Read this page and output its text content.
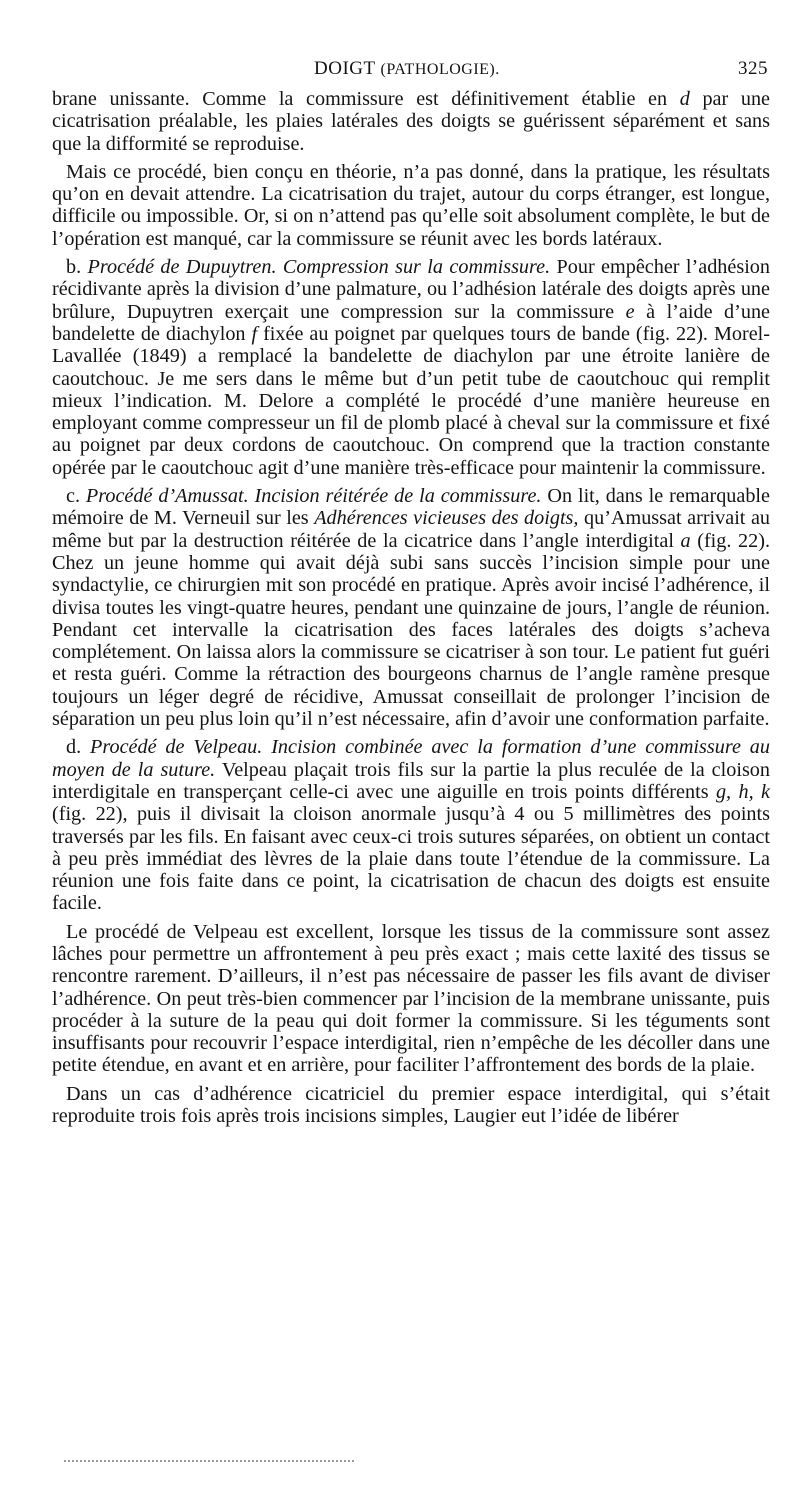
DOIGT (PATHOLOGIE).	325

brane unissante. Comme la commissure est définitivement établie en d par une cicatrisation préalable, les plaies latérales des doigts se guérissent séparément et sans que la difformité se reproduise.

Mais ce procédé, bien conçu en théorie, n’a pas donné, dans la pratique, les résultats qu’on en devait attendre. La cicatrisation du trajet, autour du corps étranger, est longue, difficile ou impossible. Or, si on n’attend pas qu’elle soit absolument complète, le but de l’opération est manqué, car la commissure se réunit avec les bords latéraux.

b. Procédé de Dupuytren. Compression sur la commissure. Pour empêcher l’adhésion récidivante après la division d’une palmature, ou l’adhésion latérale des doigts après une brûlure, Dupuytren exerçait une compression sur la commissure e à l’aide d’une bandelette de diachylon f fixée au poignet par quelques tours de bande (fig. 22). Morel-Lavallée (1849) a remplacé la bandelette de diachylon par une étroite lanière de caoutchouc. Je me sers dans le même but d’un petit tube de caoutchouc qui remplit mieux l’indication. M. Delore a complété le procédé d’une manière heureuse en employant comme compresseur un fil de plomb placé à cheval sur la commissure et fixé au poignet par deux cordons de caoutchouc. On comprend que la traction constante opérée par le caoutchouc agit d’une manière très-efficace pour maintenir la commissure.

c. Procédé d’Amussat. Incision réitérée de la commissure. On lit, dans le remarquable mémoire de M. Verneuil sur les Adhérences vicieuses des doigts, qu’Amussat arrivait au même but par la destruction réitérée de la cicatrice dans l’angle interdigital a (fig. 22). Chez un jeune homme qui avait déjà subi sans succès l’incision simple pour une syndactylie, ce chirurgien mit son procédé en pratique. Après avoir incisé l’adhérence, il divisa toutes les vingt-quatre heures, pendant une quinzaine de jours, l’angle de réunion. Pendant cet intervalle la cicatrisation des faces latérales des doigts s’acheva complétement. On laissa alors la commissure se cicatriser à son tour. Le patient fut guéri et resta guéri. Comme la rétraction des bourgeons charnus de l’angle ramène presque toujours un léger degré de récidive, Amussat conseillait de prolonger l’incision de séparation un peu plus loin qu’il n’est nécessaire, afin d’avoir une conformation parfaite.

d. Procédé de Velpeau. Incision combinée avec la formation d’une commissure au moyen de la suture. Velpeau plaçait trois fils sur la partie la plus reculée de la cloison interdigitale en transperçant celle-ci avec une aiguille en trois points différents g, h, k (fig. 22), puis il divisait la cloison anormale jusqu’à 4 ou 5 millimètres des points traversés par les fils. En faisant avec ceux-ci trois sutures séparées, on obtient un contact à peu près immédiat des lèvres de la plaie dans toute l’étendue de la commissure. La réunion une fois faite dans ce point, la cicatrisation de chacun des doigts est ensuite facile.

Le procédé de Velpeau est excellent, lorsque les tissus de la commissure sont assez lâches pour permettre un affrontement à peu près exact ; mais cette laxité des tissus se rencontre rarement. D’ailleurs, il n’est pas nécessaire de passer les fils avant de diviser l’adhérence. On peut très-bien commencer par l’incision de la membrane unissante, puis procéder à la suture de la peau qui doit former la commissure. Si les téguments sont insuffisants pour recouvrir l’espace interdigital, rien n’empêche de les décoller dans une petite étendue, en avant et en arrière, pour faciliter l’affrontement des bords de la plaie.

Dans un cas d’adhérence cicatriciel du premier espace interdigital, qui s’était reproduite trois fois après trois incisions simples, Laugier eut l’idée de libérer
